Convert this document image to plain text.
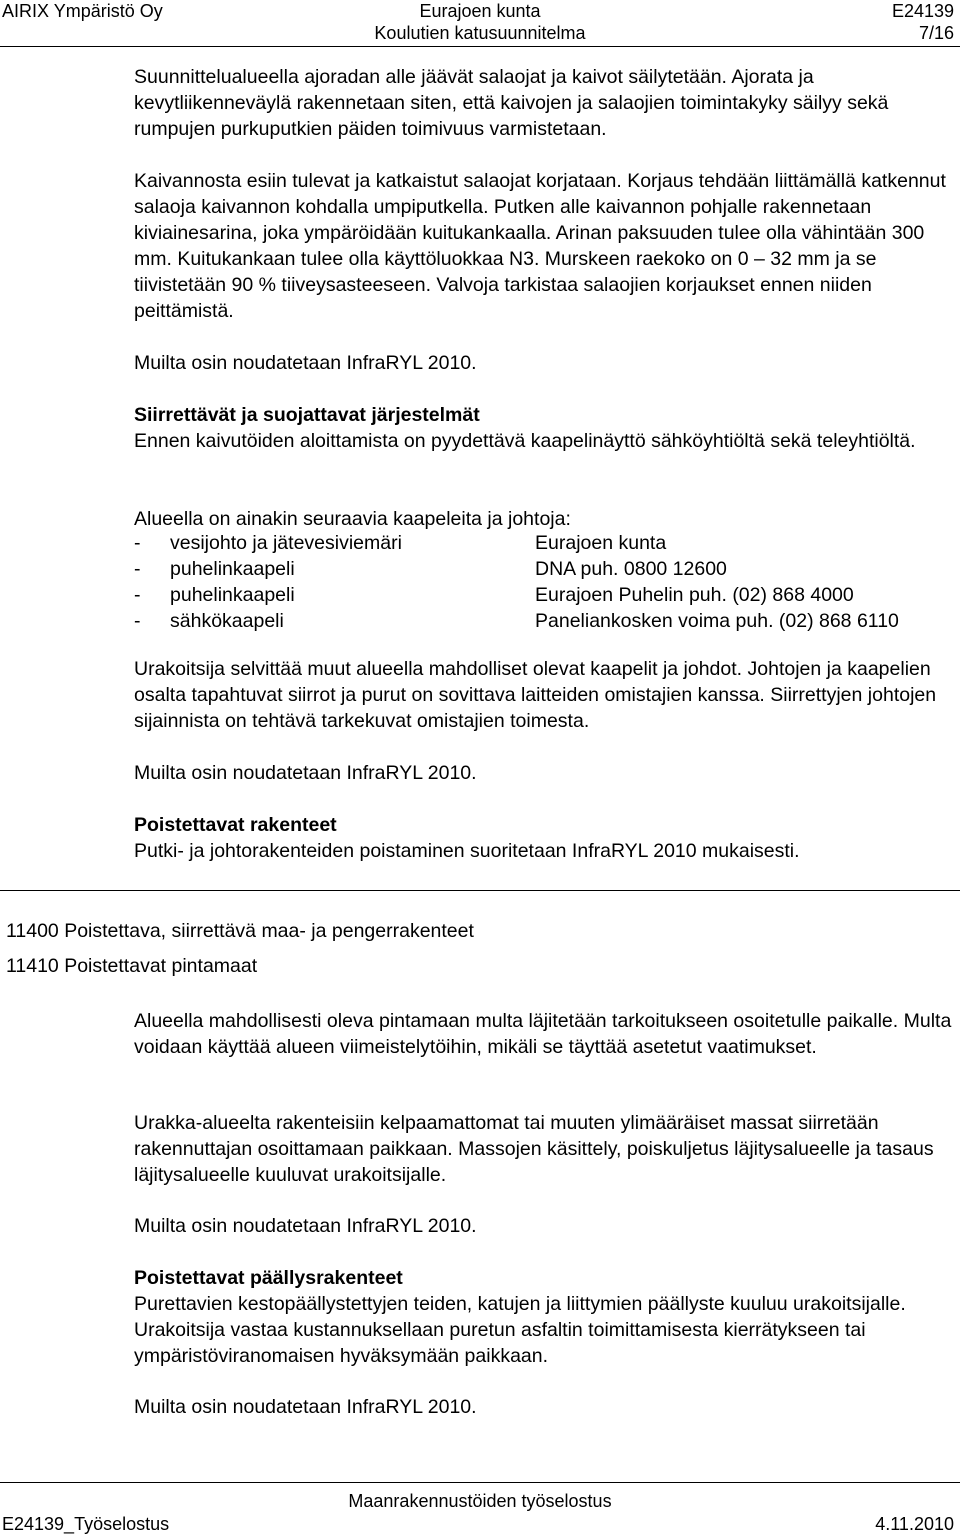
AIRIX Ympäristö Oy	Eurajoen kunta	E24139
Koulutien katusuunnitelma	7/16

Suunnittelualueella ajoradan alle jäävät salaojat ja kaivot säilytetään. Ajorata ja kevytliikenneväylä rakennetaan siten, että kaivojen ja salaojien toimintakyky säilyy sekä rumpujen purkuputkien päiden toimivuus varmistetaan.

Kaivannosta esiin tulevat ja katkaistut salaojat korjataan. Korjaus tehdään liittämällä katkennut salaoja kaivannon kohdalla umpiputkella. Putken alle kaivannon pohjalle rakennetaan kiviainesarina, joka ympäröidään kuitukankaalla. Arinan paksuuden tulee olla vähintään 300 mm. Kuitukankaan tulee olla käyttöluokkaa N3. Murskeen raekoko on 0 – 32 mm ja se tiivistetään 90 % tiiveysasteeseen. Valvoja tarkistaa salaojien korjaukset ennen niiden peittämistä.

Muilta osin noudatetaan InfraRYL 2010.

Siirrettävät ja suojattavat järjestelmät

Ennen kaivutöiden aloittamista on pyydettävä kaapelinäyttö sähköyhtiöltä sekä teleyhtiöltä.

Alueella on ainakin seuraavia kaapeleita ja johtoja:

- vesijohto ja jätevesiviemäri	Eurajoen kunta
- puhelinkaapeli	DNA puh. 0800 12600
- puhelinkaapeli	Eurajoen Puhelin puh. (02) 868 4000
- sähkökaapeli	Paneliankosken voima puh. (02) 868 6110

Urakoitsija selvittää muut alueella mahdolliset olevat kaapelit ja johdot. Johtojen ja kaapelien osalta tapahtuvat siirrot ja purut on sovittava laitteiden omistajien kanssa. Siirrettyjen johtojen sijainnista on tehtävä tarkekuvat omistajien toimesta.

Muilta osin noudatetaan InfraRYL 2010.

Poistettavat rakenteet

Putki- ja johtorakenteiden poistaminen suoritetaan InfraRYL 2010 mukaisesti.

11400 Poistettava, siirrettävä maa- ja pengerrakenteet
11410 Poistettavat pintamaat

Alueella mahdollisesti oleva pintamaan multa läjitetään tarkoitukseen osoitetulle paikalle. Multa voidaan käyttää alueen viimeistelytöihin, mikäli se täyttää asetetut vaatimukset.

Urakka-alueelta rakenteisiin kelpaamattomat tai muuten ylimääräiset massat siirretään rakennuttajan osoittamaan paikkaan. Massojen käsittely, poiskuljetus läjitysalueelle ja tasaus läjitysalueelle kuuluvat urakoitsijalle.

Muilta osin noudatetaan InfraRYL 2010.

Poistettavat päällysrakenteet

Purettavien kestopäällystettyjen teiden, katujen ja liittymien päällyste kuuluu urakoitsijalle. Urakoitsija vastaa kustannuksellaan puretun asfaltin toimittamisesta kierrätykseen tai ympäristöviranomaisen hyväksymään paikkaan.

Muilta osin noudatetaan InfraRYL 2010.

Maanrakennustöiden työselostus
E24139_Työselostus	4.11.2010
